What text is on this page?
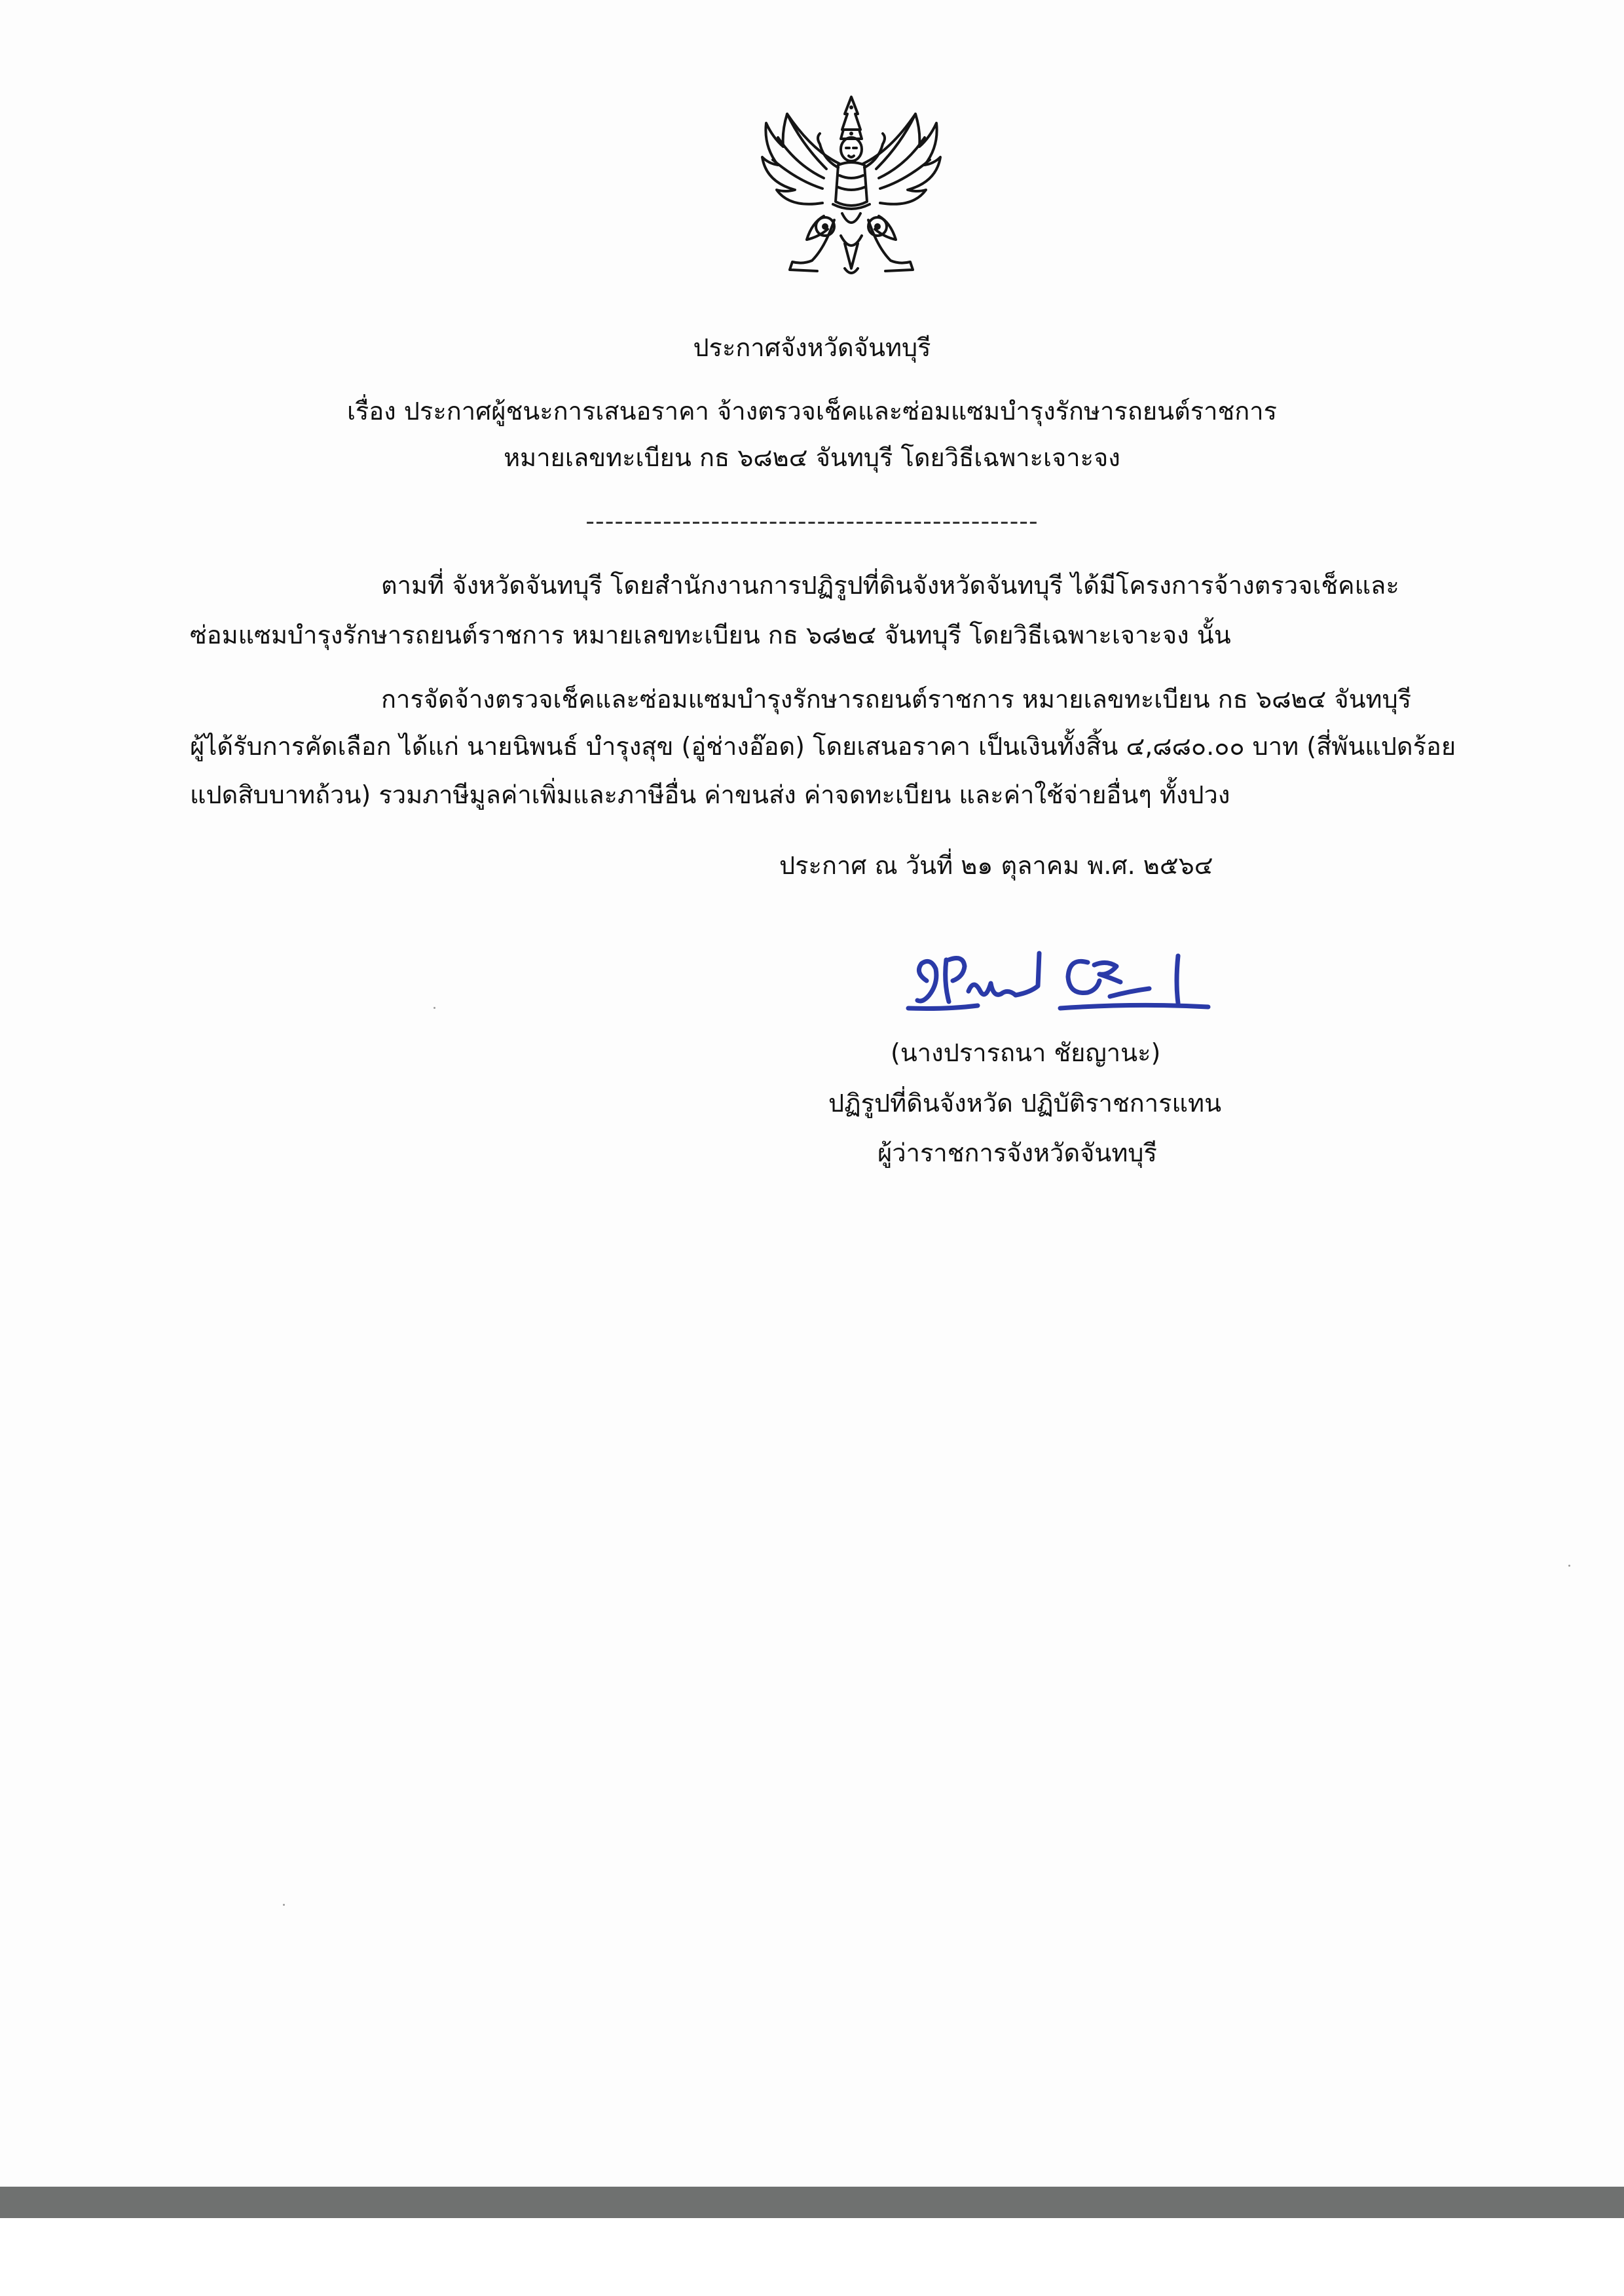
ประกาศจังหวัดจันทบุรี

เรื่อง ประกาศผู้ชนะการเสนอราคา จ้างตรวจเช็คและซ่อมแซมบำรุงรักษารถยนต์ราชการ

หมายเลขทะเบียน กธ ๖๘๒๔ จันทบุรี โดยวิธีเฉพาะเจาะจง

-----------------------------------------------

ตามที่ จังหวัดจันทบุรี โดยสำนักงานการปฏิรูปที่ดินจังหวัดจันทบุรี ได้มีโครงการจ้างตรวจเช็คและ

ซ่อมแซมบำรุงรักษารถยนต์ราชการ หมายเลขทะเบียน กธ ๖๘๒๔ จันทบุรี โดยวิธีเฉพาะเจาะจง นั้น

การจัดจ้างตรวจเช็คและซ่อมแซมบำรุงรักษารถยนต์ราชการ หมายเลขทะเบียน กธ ๖๘๒๔ จันทบุรี

ผู้ได้รับการคัดเลือก ได้แก่ นายนิพนธ์ บำรุงสุข (อู่ช่างอ๊อด) โดยเสนอราคา เป็นเงินทั้งสิ้น ๔,๘๘๐.๐๐ บาท (สี่พันแปดร้อย

แปดสิบบาทถ้วน) รวมภาษีมูลค่าเพิ่มและภาษีอื่น ค่าขนส่ง ค่าจดทะเบียน และค่าใช้จ่ายอื่นๆ ทั้งปวง

ประกาศ ณ วันที่ ๒๑ ตุลาคม พ.ศ. ๒๕๖๔

(นางปรารถนา ชัยญานะ)

ปฏิรูปที่ดินจังหวัด ปฏิบัติราชการแทน

ผู้ว่าราชการจังหวัดจันทบุรี
